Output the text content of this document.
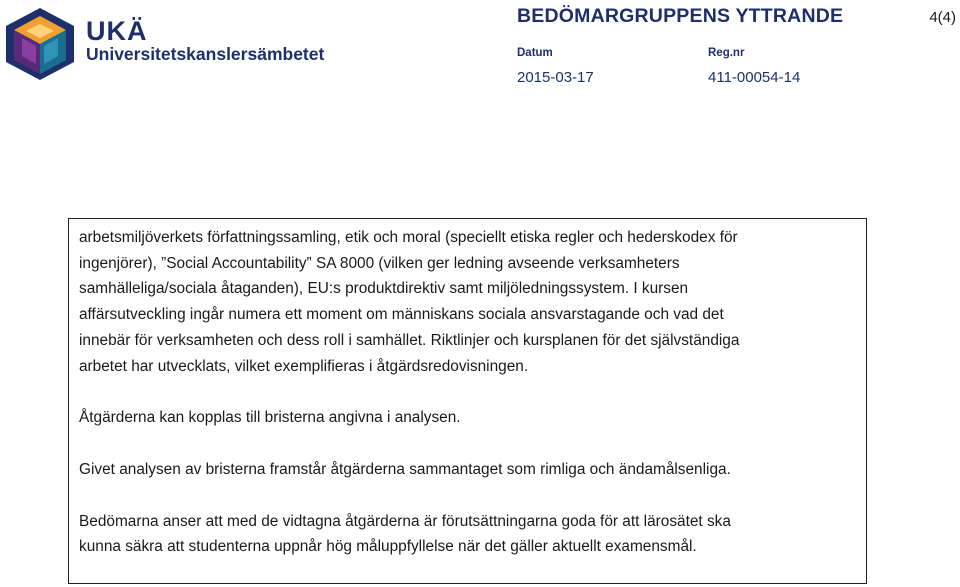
UKÄ
Universitetskanslersämbetet
BEDÖMARGRUPPENS YTTRANDE	4(4)
Datum
2015-03-17
Reg.nr
411-00054-14

arbetsmiljöverkets författningssamling, etik och moral (speciellt etiska regler och hederskodex för
ingenjörer), ”Social Accountability” SA 8000 (vilken ger ledning avseende verksamheters
samhälleliga/sociala åtaganden), EU:s produktdirektiv samt miljöledningssystem. I kursen
affärsutveckling ingår numera ett moment om människans sociala ansvarstagande och vad det
innebär för verksamheten och dess roll i samhället. Riktlinjer och kursplanen för det självständiga
arbetet har utvecklats, vilket exemplifieras i åtgärdsredovisningen.

Åtgärderna kan kopplas till bristerna angivna i analysen.

Givet analysen av bristerna framstår åtgärderna sammantaget som rimliga och ändamålsenliga.

Bedömarna anser att med de vidtagna åtgärderna är förutsättningarna goda för att lärosätet ska
kunna säkra att studenterna uppnår hög måluppfyllelse när det gäller aktuellt examensmål.
